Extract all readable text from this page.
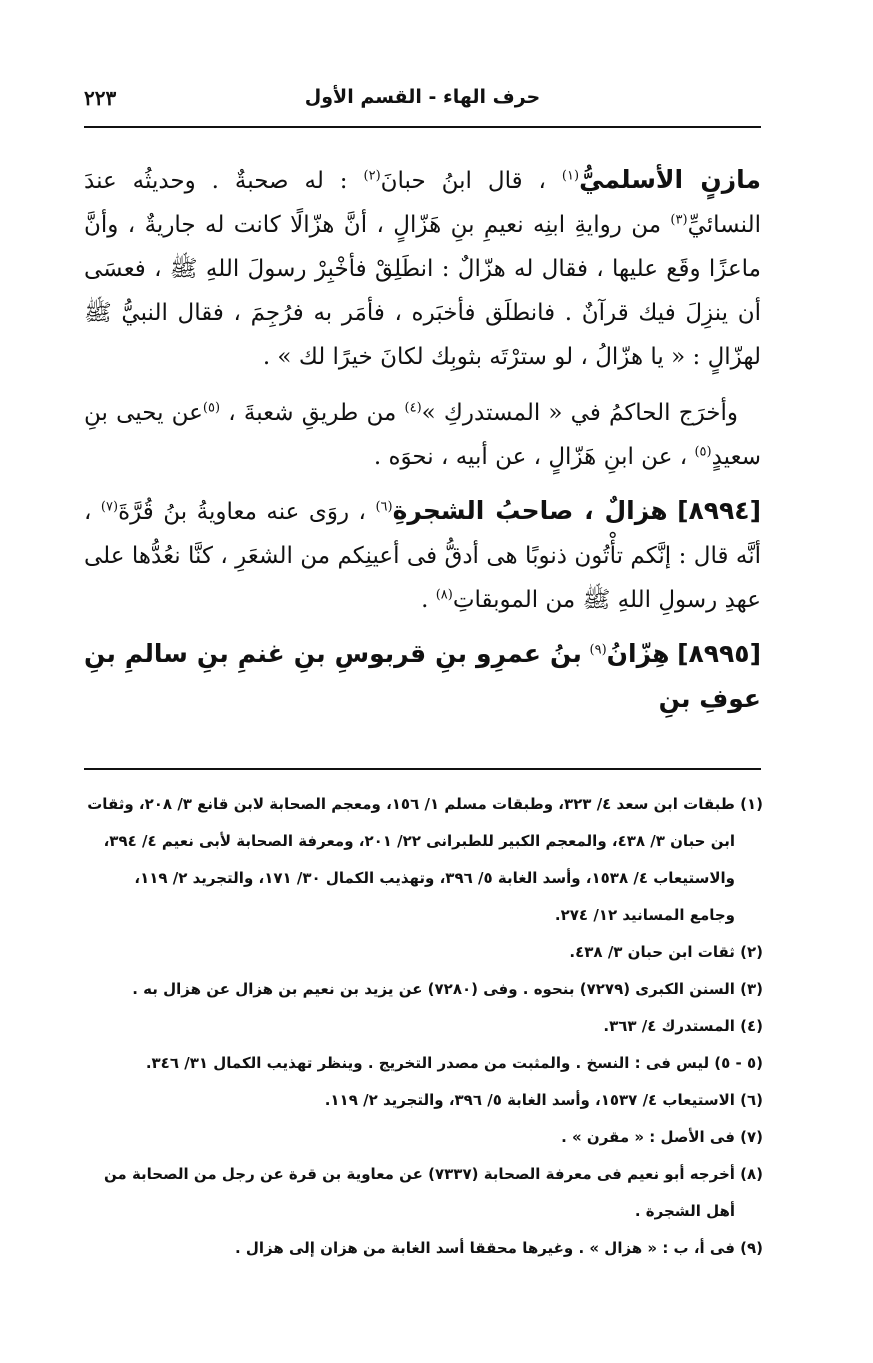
حرف الهاء - القسم الأول
٢٢٣

مازنٍ الأسلميُّ$^{(١)}$ ، قال ابنُ حبانَ$^{(٢)}$ : له صحبةٌ . وحديثُه عندَ النسائيِّ$^{(٣)}$ من روايةِ ابنِه نعيمِ بنِ هَزّالٍ ، أنَّ هزّالًا كانت له جاريةٌ ، وأنَّ ماعزًا وقَع عليها ، فقال له هزّالٌ : انطَلِقْ فأخْبِرْ رسولَ اللهِ ﷺ ، فعسَى أن ينزِلَ فيك قرآنٌ . فانطلَق فأخبَره ، فأمَر به فرُجِمَ ، فقال النبيُّ ﷺ لهزّالٍ : « يا هزّالُ ، لو سترْتَه بثوبِك لكانَ خيرًا لك » .

 وأخرَج الحاكمُ في « المستدركِ »$^{(٤)}$ من طريقِ شعبةَ ، $^{(٥)}$عن يحيى بنِ سعيدٍ$^{(٥)}$ ، عن ابنِ هَزّالٍ ، عن أبيه ، نحوَه .

[٨٩٩٤] هزالٌ ، صاحبُ الشجرةِ$^{(٦)}$ ، روَى عنه معاويةُ بنُ قُرَّةَ$^{(٧)}$ ، أنَّه قال : إنَّكم تأْتُون ذنوبًا هى أدقُّ فى أعينِكم من الشعَرِ ، كنَّا نعُدُّها على عهدِ رسولِ اللهِ ﷺ من الموبقاتِ$^{(٨)}$ .

[٨٩٩٥] هِزّانُ$^{(٩)}$ بنُ عمرِو بنِ قربوسِ بنِ غنمِ بنِ سالمِ بنِ عوفِ بنِ

(١) طبقات ابن سعد ٤/ ٣٢٣، وطبقات مسلم ١/ ١٥٦، ومعجم الصحابة لابن قانع ٣/ ٢٠٨، وثقات ابن حبان ٣/ ٤٣٨، والمعجم الكبير للطبرانى ٢٢/ ٢٠١، ومعرفة الصحابة لأبى نعيم ٤/ ٣٩٤، والاستيعاب ٤/ ١٥٣٨، وأسد الغابة ٥/ ٣٩٦، وتهذيب الكمال ٣٠/ ١٧١، والتجريد ٢/ ١١٩، وجامع المسانيد ١٢/ ٢٧٤.

(٢) ثقات ابن حبان ٣/ ٤٣٨.

(٣) السنن الكبرى (٧٢٧٩) بنحوه . وفى (٧٢٨٠) عن يزيد بن نعيم بن هزال عن هزال به .

(٤) المستدرك ٤/ ٣٦٣.

(٥ - ٥) ليس فى : النسخ . والمثبت من مصدر التخريج . وينظر تهذيب الكمال ٣١/ ٣٤٦.

(٦) الاستيعاب ٤/ ١٥٣٧، وأسد الغابة ٥/ ٣٩٦، والتجريد ٢/ ١١٩.

(٧) فى الأصل : « مقرن » .

(٨) أخرجه أبو نعيم فى معرفة الصحابة (٧٣٣٧) عن معاوية بن قرة عن رجل من الصحابة من أهل الشجرة .

(٩) فى أ، ب : « هزال » . وغيرها محققا أسد الغابة من هزان إلى هزال .
